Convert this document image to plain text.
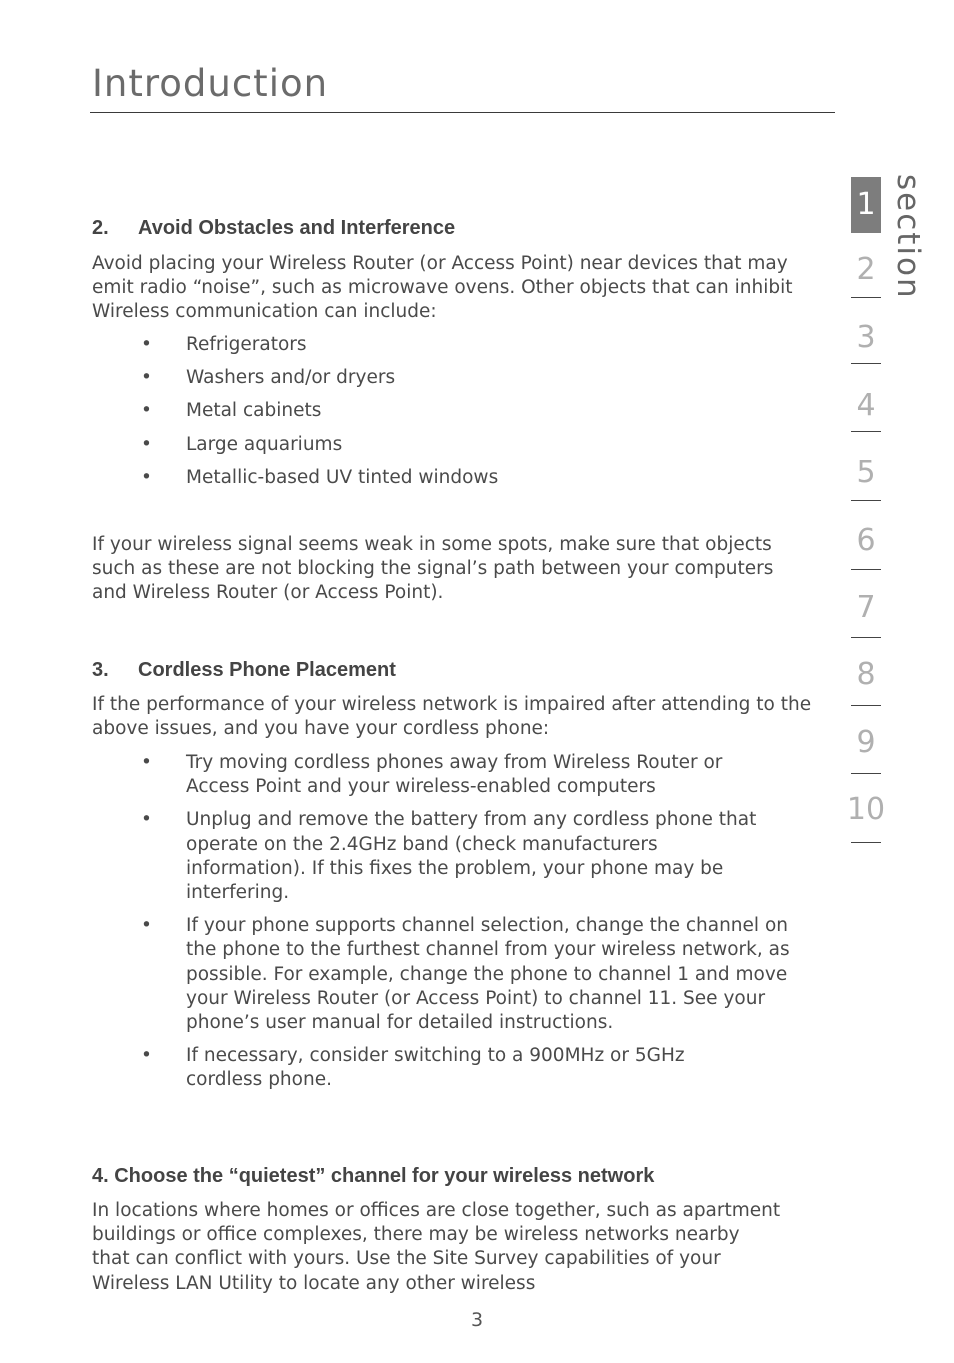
Introduction
2. Avoid Obstacles and Interference
Avoid placing your Wireless Router (or Access Point) near devices that may emit radio “noise”, such as microwave ovens. Other objects that can inhibit Wireless communication can include:
• Refrigerators
• Washers and/or dryers
• Metal cabinets
• Large aquariums
• Metallic-based UV tinted windows
If your wireless signal seems weak in some spots, make sure that objects such as these are not blocking the signal’s path between your computers and Wireless Router (or Access Point).
3. Cordless Phone Placement
If the performance of your wireless network is impaired after attending to the above issues, and you have your cordless phone:
• Try moving cordless phones away from Wireless Router or Access Point and your wireless-enabled computers
• Unplug and remove the battery from any cordless phone that operate on the 2.4GHz band (check manufacturers information). If this fixes the problem, your phone may be interfering.
• If your phone supports channel selection, change the channel on the phone to the furthest channel from your wireless network, as possible. For example, change the phone to channel 1 and move your Wireless Router (or Access Point) to channel 11. See your phone’s user manual for detailed instructions.
• If necessary, consider switching to a 900MHz or 5GHz cordless phone.
4. Choose the “quietest” channel for your wireless network
In locations where homes or offices are close together, such as apartment buildings or office complexes, there may be wireless networks nearby that can conflict with yours. Use the Site Survey capabilities of your Wireless LAN Utility to locate any other wireless
section
1
2
3
4
5
6
7
8
9
10
3
